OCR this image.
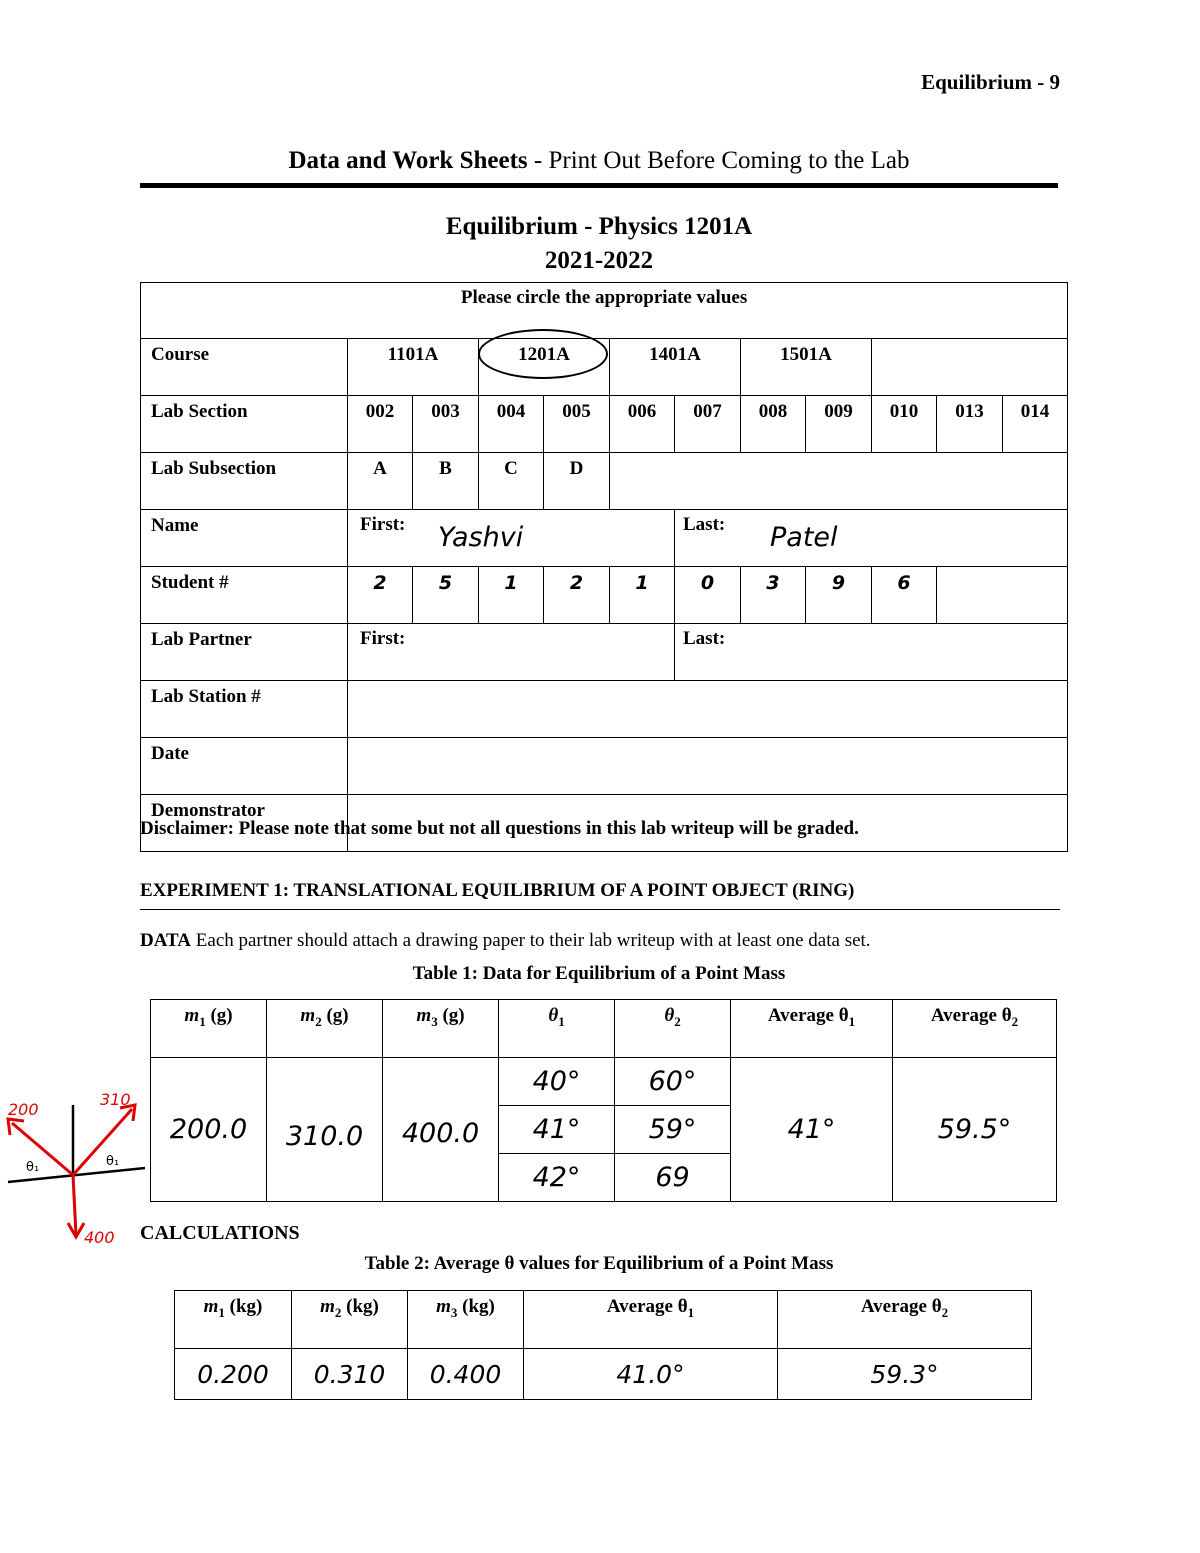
Equilibrium - 9
Data and Work Sheets - Print Out Before Coming to the Lab
Equilibrium - Physics 1201A
2021-2022
Please circle the appropriate values											
Course	1101A		1201A		1401A		1501A				
Lab Section	002	003	004	005	006	007	008	009	010	013	014
Lab Subsection	A	B	C	D							
Name	First: Yashvi					Last: Patel					

Student #	2	5	1	2	1	0	3	9	6		
Lab Partner	First:					Last:					
Lab Station #											
Date											
Demonstrator											
Disclaimer: Please note that some but not all questions in this lab writeup will be graded.
EXPERIMENT 1: TRANSLATIONAL EQUILIBRIUM OF A POINT OBJECT (RING)
DATA Each partner should attach a drawing paper to their lab writeup with at least one data set.
Table 1: Data for Equilibrium of a Point Mass
$m_1$ (g)	$m_2$ (g)	$m_3$ (g)	$\theta_1$	$\theta_2$	Average $\theta_1$	Average $\theta_2$
200.0	310.0	400.0	40°	60°	41°	59.5°
			41°	59°		
			42°	69		
200
310
400
θ₁	θ₁
CALCULATIONS
Table 2: Average θ values for Equilibrium of a Point Mass
$m_1$ (kg)	$m_2$ (kg)	$m_3$ (kg)	Average $\theta_1$	Average $\theta_2$
0.200	0.310	0.400	41.0°	59.3°
